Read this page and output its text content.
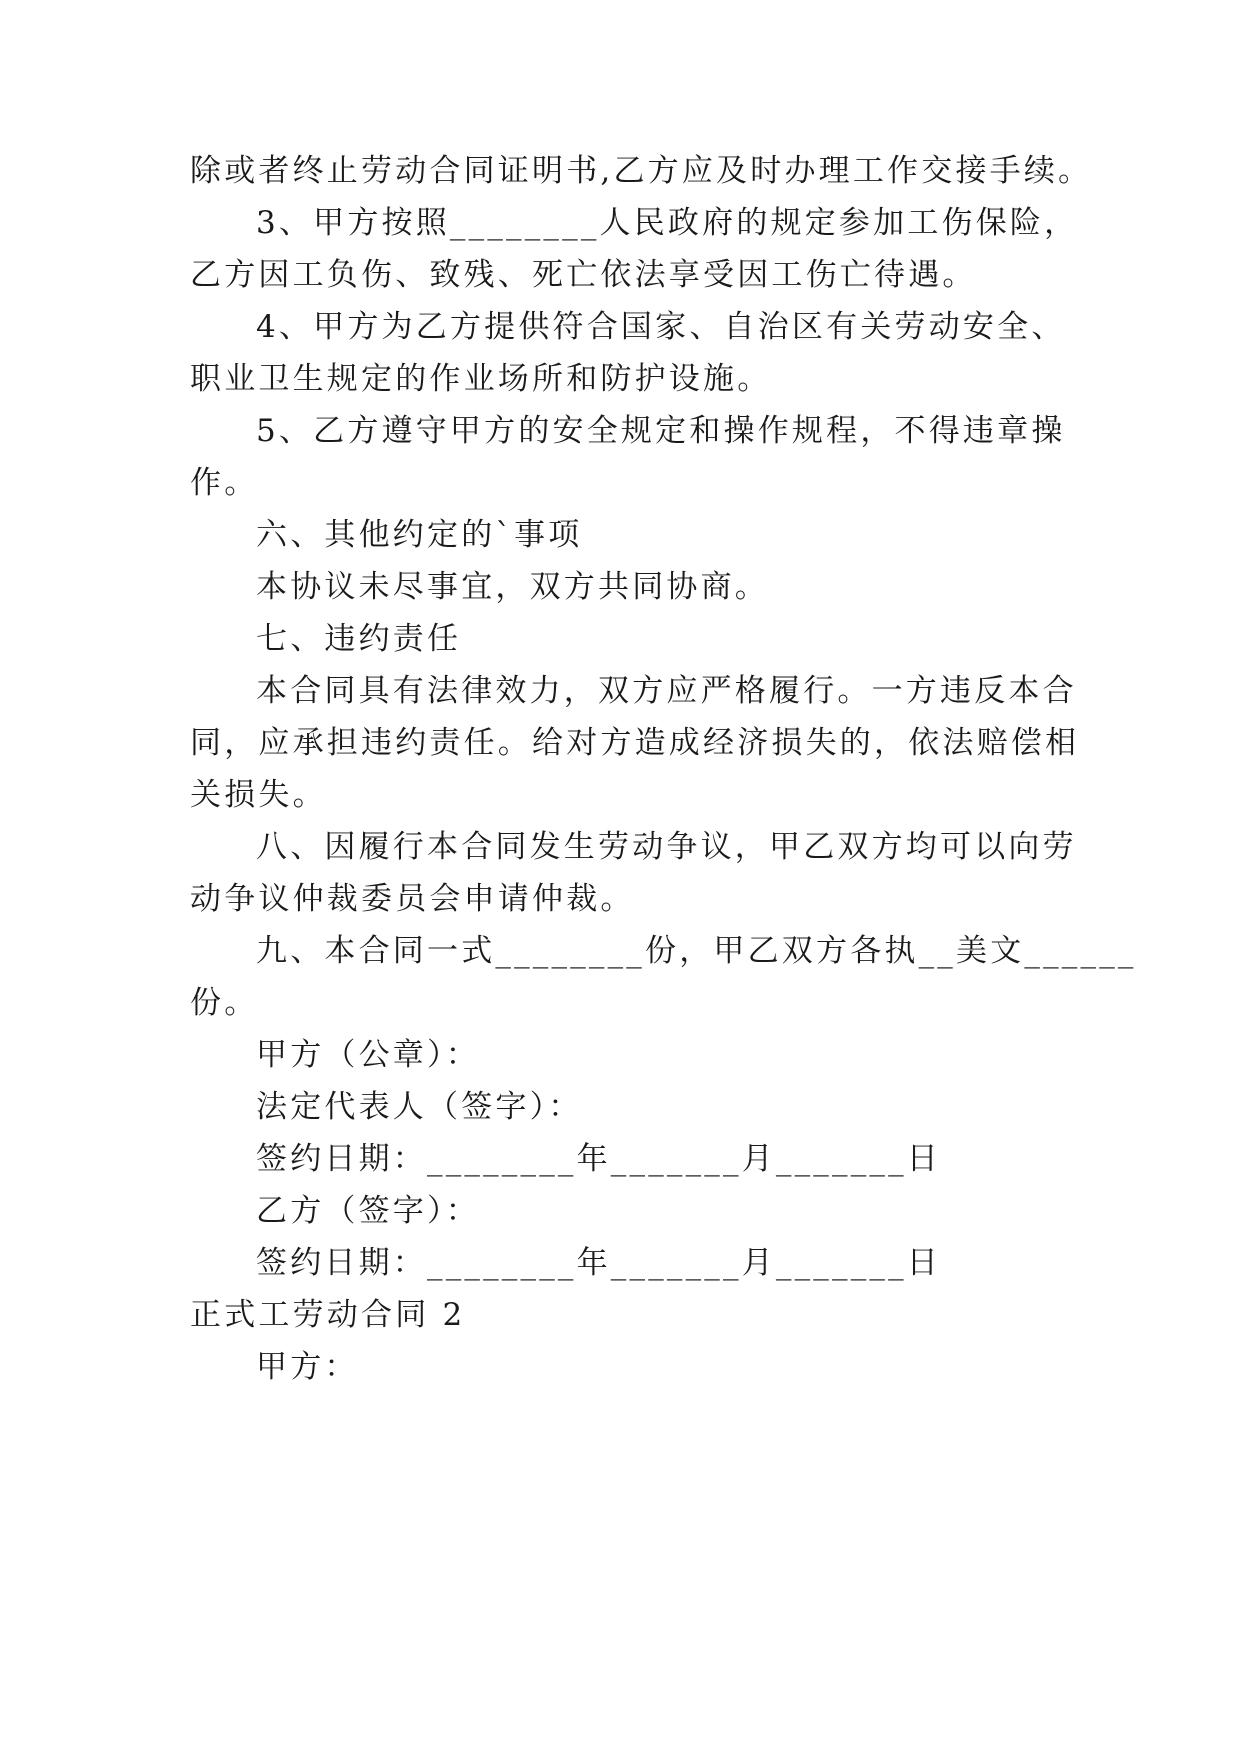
除或者终止劳动合同证明书,乙方应及时办理工作交接手续。

3、甲方按照________人民政府的规定参加工伤保险，

乙方因工负伤、致残、死亡依法享受因工伤亡待遇。

4、甲方为乙方提供符合国家、自治区有关劳动安全、

职业卫生规定的作业场所和防护设施。

5、乙方遵守甲方的安全规定和操作规程，不得违章操

作。

六、其他约定的`事项

本协议未尽事宜，双方共同协商。

七、违约责任

本合同具有法律效力，双方应严格履行。一方违反本合

同，应承担违约责任。给对方造成经济损失的，依法赔偿相

关损失。

八、因履行本合同发生劳动争议，甲乙双方均可以向劳

动争议仲裁委员会申请仲裁。

九、本合同一式________份，甲乙双方各执__美文______

份。

甲方（公章）：

法定代表人（签字）：

签约日期：________年_______月_______日

乙方（签字）：

签约日期：________年_______月_______日

正式工劳动合同 2

甲方：
